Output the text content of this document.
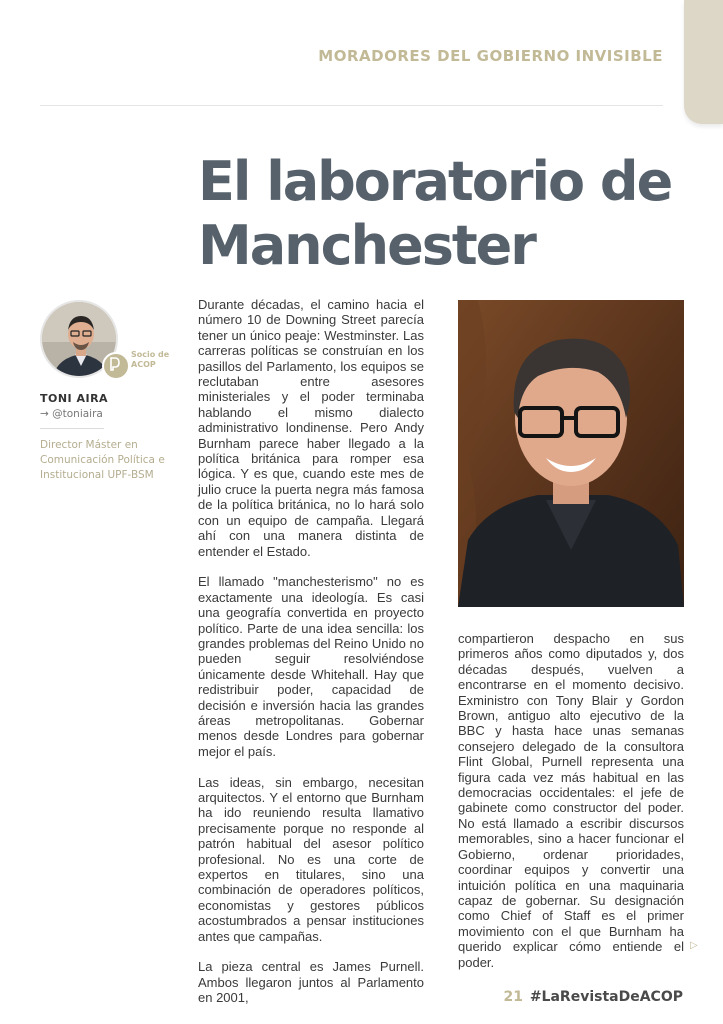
MORADORES DEL GOBIERNO INVISIBLE
El laboratorio de
Manchester
Socio de
ACOP
TONI AIRA
→ @toniaira
Director Máster en Comunicación Política e Institucional UPF-BSM

Durante décadas, el camino hacia el número 10 de Downing Street parecía tener un único peaje: Westminster. Las carreras políticas se construían en los pasillos del Parlamento, los equipos se reclutaban entre asesores ministeriales y el poder terminaba hablando el mismo dialecto administrativo londinense. Pero Andy Burnham parece haber llegado a la política británica para romper esa lógica. Y es que, cuando este mes de julio cruce la puerta negra más famosa de la política británica, no lo hará solo con un equipo de campaña. Llegará ahí con una manera distinta de entender el Estado.

El llamado "manchesterismo" no es exactamente una ideología. Es casi una geografía convertida en proyecto político. Parte de una idea sencilla: los grandes problemas del Reino Unido no pueden seguir resolviéndose únicamente desde Whitehall. Hay que redistribuir poder, capacidad de decisión e inversión hacia las grandes áreas metropolitanas. Gobernar menos desde Londres para gobernar mejor el país.

Las ideas, sin embargo, necesitan arquitectos. Y el entorno que Burnham ha ido reuniendo resulta llamativo precisamente porque no responde al patrón habitual del asesor político profesional. No es una corte de expertos en titulares, sino una combinación de operadores políticos, economistas y gestores públicos acostumbrados a pensar instituciones antes que campañas.

La pieza central es James Purnell. Ambos llegaron juntos al Parlamento en 2001,

compartieron despacho en sus primeros años como diputados y, dos décadas después, vuelven a encontrarse en el momento decisivo. Exministro con Tony Blair y Gordon Brown, antiguo alto ejecutivo de la BBC y hasta hace unas semanas consejero delegado de la consultora Flint Global, Purnell representa una figura cada vez más habitual en las democracias occidentales: el jefe de gabinete como constructor del poder. No está llamado a escribir discursos memorables, sino a hacer funcionar el Gobierno, ordenar prioridades, coordinar equipos y convertir una intuición política en una maquinaria capaz de gobernar. Su designación como Chief of Staff es el primer movimiento con el que Burnham ha querido explicar cómo entiende el poder.

▷
21 #LaRevistaDeACOP
